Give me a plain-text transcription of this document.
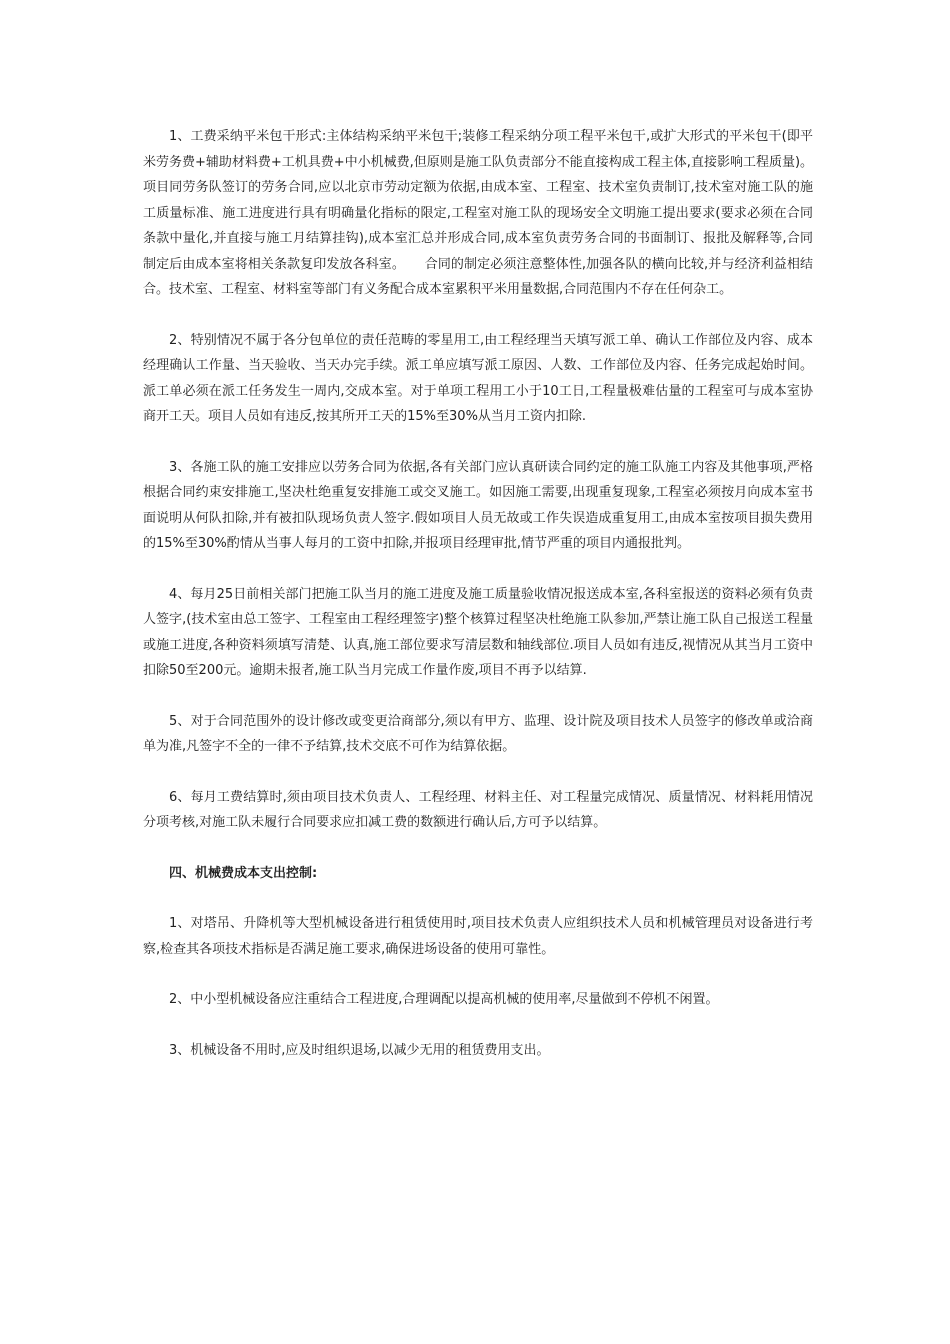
1、工费采纳平米包干形式:主体结构采纳平米包干;装修工程采纳分项工程平米包干,或扩大形式的平米包干(即平米劳务费+辅助材料费+工机具费+中小机械费,但原则是施工队负责部分不能直接构成工程主体,直接影响工程质量)。项目同劳务队签订的劳务合同,应以北京市劳动定额为依据,由成本室、工程室、技术室负责制订,技术室对施工队的施工质量标准、施工进度进行具有明确量化指标的限定,工程室对施工队的现场安全文明施工提出要求(要求必须在合同条款中量化,并直接与施工月结算挂钩),成本室汇总并形成合同,成本室负责劳务合同的书面制订、报批及解释等,合同制定后由成本室将相关条款复印发放各科室。　　合同的制定必须注意整体性,加强各队的横向比较,并与经济利益相结合。技术室、工程室、材料室等部门有义务配合成本室累积平米用量数据,合同范围内不存在任何杂工。

2、特别情况不属于各分包单位的责任范畴的零星用工,由工程经理当天填写派工单、确认工作部位及内容、成本经理确认工作量、当天验收、当天办完手续。派工单应填写派工原因、人数、工作部位及内容、任务完成起始时间。派工单必须在派工任务发生一周内,交成本室。对于单项工程用工小于10工日,工程量极难估量的工程室可与成本室协商开工天。项目人员如有违反,按其所开工天的15%至30%从当月工资内扣除.

3、各施工队的施工安排应以劳务合同为依据,各有关部门应认真研读合同约定的施工队施工内容及其他事项,严格根据合同约束安排施工,坚决杜绝重复安排施工或交叉施工。如因施工需要,出现重复现象,工程室必须按月向成本室书面说明从何队扣除,并有被扣队现场负责人签字.假如项目人员无故或工作失误造成重复用工,由成本室按项目损失费用的15%至30%酌情从当事人每月的工资中扣除,并报项目经理审批,情节严重的项目内通报批判。

4、每月25日前相关部门把施工队当月的施工进度及施工质量验收情况报送成本室,各科室报送的资料必须有负责人签字,(技术室由总工签字、工程室由工程经理签字)整个核算过程坚决杜绝施工队参加,严禁让施工队自己报送工程量或施工进度,各种资料须填写清楚、认真,施工部位要求写清层数和轴线部位.项目人员如有违反,视情况从其当月工资中扣除50至200元。逾期未报者,施工队当月完成工作量作废,项目不再予以结算.

5、对于合同范围外的设计修改或变更洽商部分,须以有甲方、监理、设计院及项目技术人员签字的修改单或洽商单为准,凡签字不全的一律不予结算,技术交底不可作为结算依据。

6、每月工费结算时,须由项目技术负责人、工程经理、材料主任、对工程量完成情况、质量情况、材料耗用情况分项考核,对施工队未履行合同要求应扣减工费的数额进行确认后,方可予以结算。

四、机械费成本支出控制:

1、对塔吊、升降机等大型机械设备进行租赁使用时,项目技术负责人应组织技术人员和机械管理员对设备进行考察,检查其各项技术指标是否满足施工要求,确保进场设备的使用可靠性。

2、中小型机械设备应注重结合工程进度,合理调配以提高机械的使用率,尽量做到不停机不闲置。

3、机械设备不用时,应及时组织退场,以减少无用的租赁费用支出。
